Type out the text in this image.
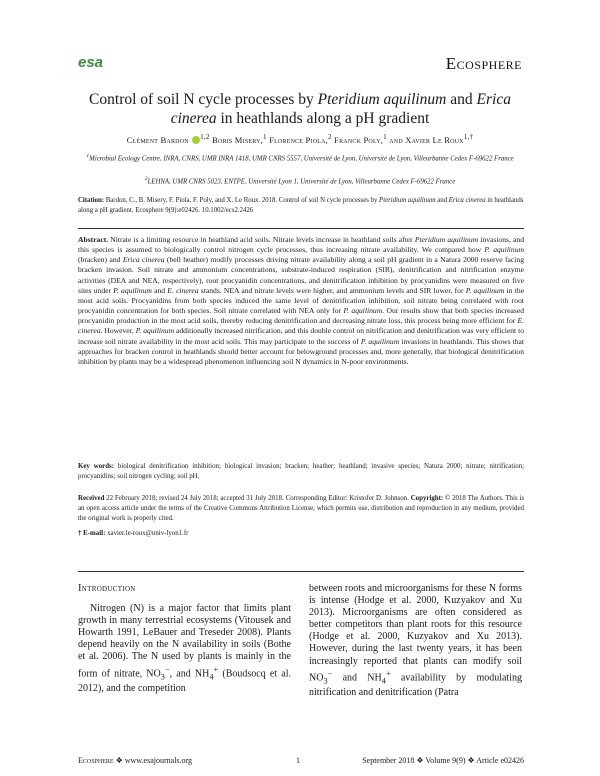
esa	Ecosphere
Control of soil N cycle processes by Pteridium aquilinum and Erica cinerea in heathlands along a pH gradient
Clément Bardon $^{1,2}$ Boris Misery,$^1$ Florence Piola,$^2$ Franck Poly,$^1$ and Xavier Le Roux$^{1,\dagger}$
$^1$Microbial Ecology Centre, INRA, CNRS, UMR INRA 1418, UMR CNRS 5557, Université de Lyon, Université de Lyon, Villeurbanne Cedex F-69622 France
$^2$LEHNA, UMR CNRS 5023, ENTPE, Université Lyon 1, Université de Lyon, Villeurbanne Cedex F-69622 France
Citation: Bardon, C., B. Misery, F. Piola, F. Poly, and X. Le Roux. 2018. Control of soil N cycle processes by Pteridium aquilinum and Erica cinerea in heathlands along a pH gradient. Ecosphere 9(9):e02426. 10.1002/ecs2.2426
Abstract. Nitrate is a limiting resource in heathland acid soils. Nitrate levels increase in heathland soils after Pteridium aquilinum invasions, and this species is assumed to biologically control nitrogen cycle processes, thus increasing nitrate availability. We compared how P. aquilinum (bracken) and Erica cinerea (bell heather) modify processes driving nitrate availability along a soil pH gradient in a Natura 2000 reserve facing bracken invasion. Soil nitrate and ammonium concentrations, substrate-induced respiration (SIR), denitrification and nitrification enzyme activities (DEA and NEA, respectively), root procyanidin concentrations, and denitrification inhibition by procyanidins were measured on five sites under P. aquilinum and E. cinerea stands. NEA and nitrate levels were higher, and ammonium levels and SIR lower, for P. aquilinum in the most acid soils. Procyanidins from both species induced the same level of denitrification inhibition, soil nitrate being correlated with root procyanidin concentration for both species. Soil nitrate correlated with NEA only for P. aquilinum. Our results show that both species increased procyanidin production in the most acid soils, thereby reducing denitrification and decreasing nitrate loss, this process being more efficient for E. cinerea. However, P. aquilinum additionally increased nitrification, and this double control on nitrification and denitrification was very efficient to increase soil nitrate availability in the most acid soils. This may participate to the success of P. aquilinum invasions in heathlands. This shows that approaches for bracken control in heathlands should better account for belowground processes and, more generally, that biological denitrification inhibition by plants may be a widespread phenomenon influencing soil N dynamics in N-poor environments.
Key words: biological denitrification inhibition; biological invasion; bracken; heather; heathland; invasive species; Natura 2000; nitrate; nitrification; procyanidins; soil nitrogen cycling; soil pH.
Received 22 February 2018; revised 24 July 2018; accepted 31 July 2018. Corresponding Editor: Kristofer D. Johnson. Copyright: © 2018 The Authors. This is an open access article under the terms of the Creative Commons Attribution License, which permits use, distribution and reproduction in any medium, provided the original work is properly cited.
† E-mail: xavier.le-roux@univ-lyon1.fr
Introduction
Nitrogen (N) is a major factor that limits plant growth in many terrestrial ecosystems (Vitousek and Howarth 1991, LeBauer and Treseder 2008). Plants depend heavily on the N availability in soils (Bothe et al. 2006). The N used by plants is mainly in the form of nitrate, $NO_3^-$, and $NH_4^+$ (Boudsocq et al. 2012), and the competition
between roots and microorganisms for these N forms is intense (Hodge et al. 2000, Kuzyakov and Xu 2013). Microorganisms are often considered as better competitors than plant roots for this resource (Hodge et al. 2000, Kuzyakov and Xu 2013). However, during the last twenty years, it has been increasingly reported that plants can modify soil $NO_3^-$ and $NH_4^+$ availability by modulating nitrification and denitrification (Patra
Ecosphere ❖ www.esajournals.org	1	September 2018 ❖ Volume 9(9) ❖ Article e02426
